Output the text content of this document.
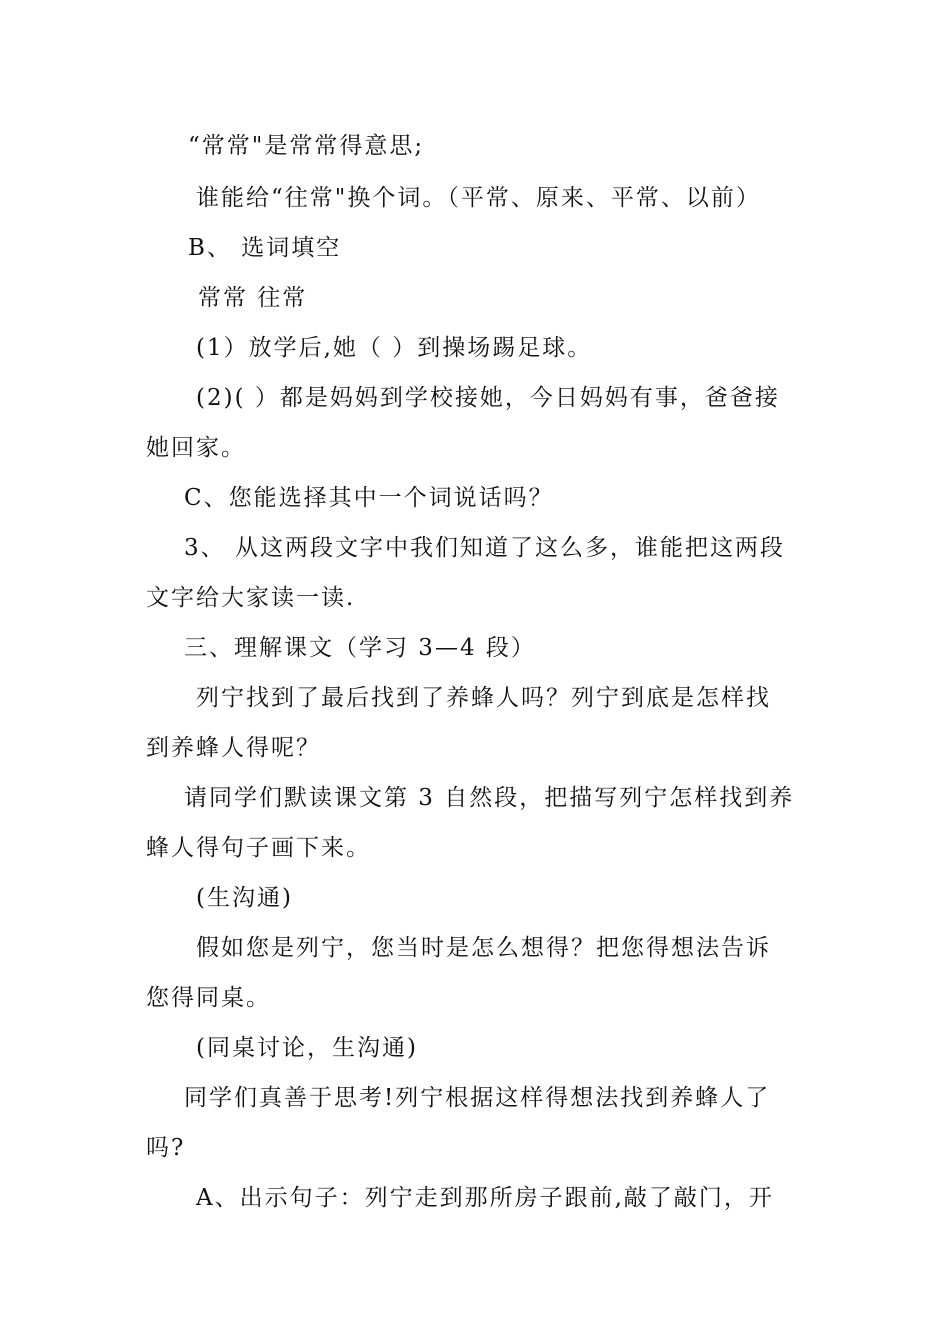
“常常"是常常得意思;
谁能给“往常"换个词。（平常、原来、平常、以前）
B、 选词填空
常常 往常
(1）放学后,她（ ）到操场踢足球。
(2)( ）都是妈妈到学校接她，今日妈妈有事，爸爸接
她回家。
C、您能选择其中一个词说话吗？
3、 从这两段文字中我们知道了这么多，谁能把这两段
文字给大家读一读.
三、理解课文（学习 3—4 段）
列宁找到了最后找到了养蜂人吗？列宁到底是怎样找
到养蜂人得呢？
请同学们默读课文第 3 自然段，把描写列宁怎样找到养
蜂人得句子画下来。
(生沟通)
假如您是列宁，您当时是怎么想得？把您得想法告诉
您得同桌。
(同桌讨论，生沟通)
同学们真善于思考!列宁根据这样得想法找到养蜂人了
吗?
A、出示句子：列宁走到那所房子跟前,敲了敲门，开
